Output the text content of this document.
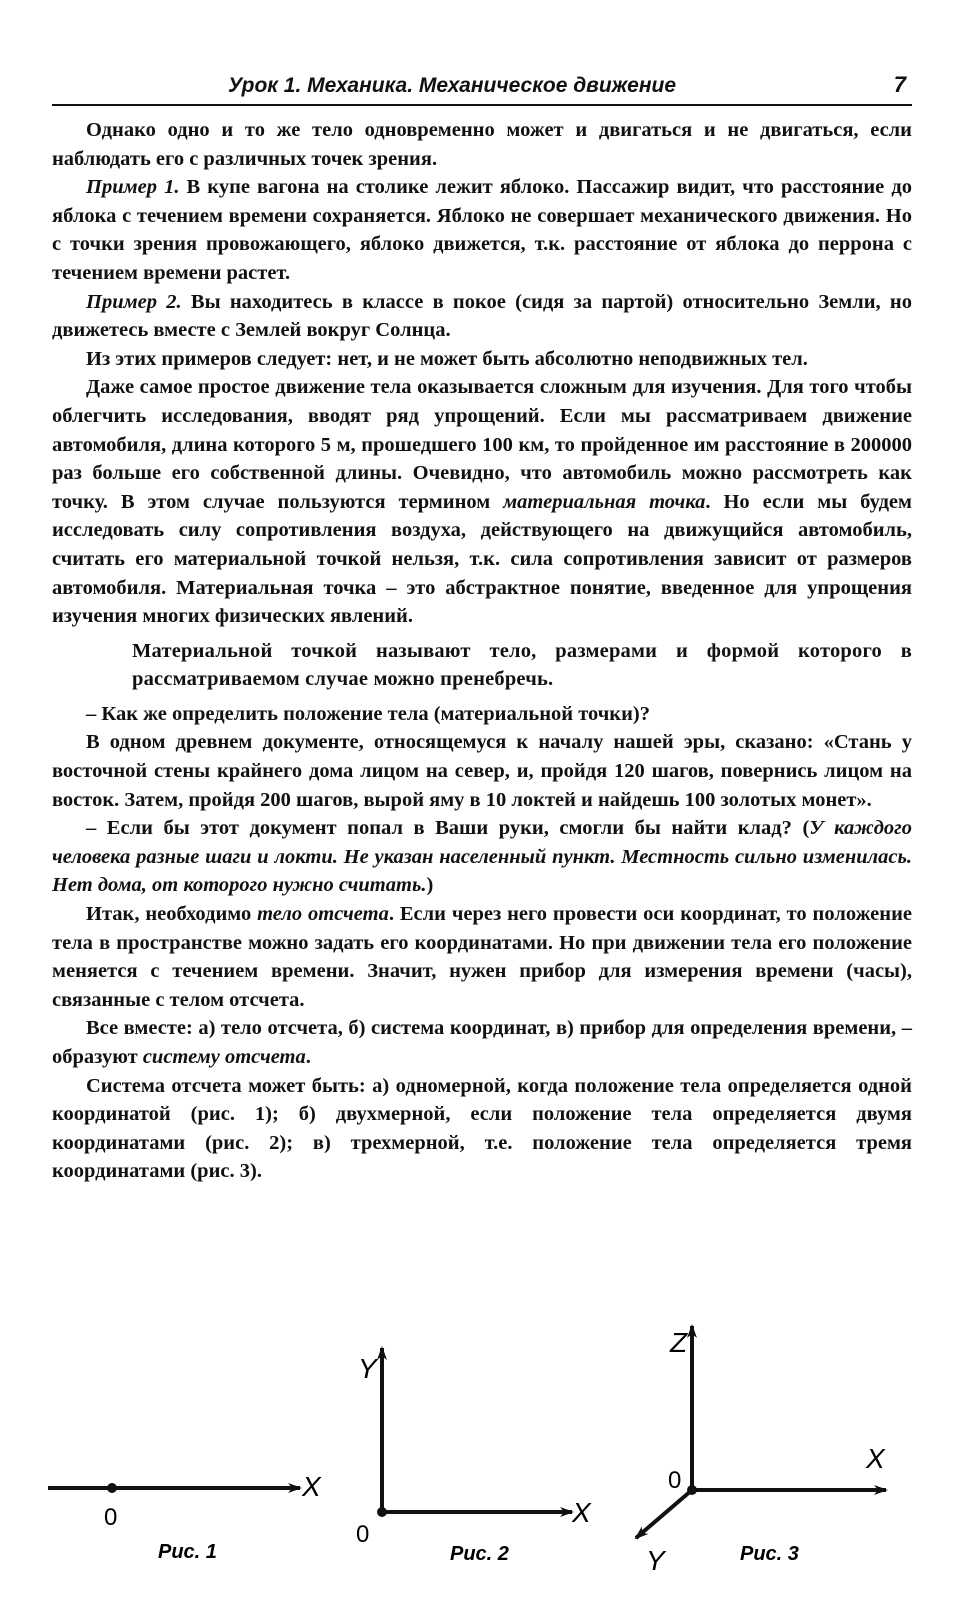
Урок 1. Механика. Механическое движение	7

Однако одно и то же тело одновременно может и двигаться и не двигаться, если наблюдать его с различных точек зрения.

Пример 1. В купе вагона на столике лежит яблоко. Пассажир видит, что расстояние до яблока с течением времени сохраняется. Яблоко не совершает механического движения. Но с точки зрения провожающего, яблоко движется, т.к. расстояние от яблока до перрона с течением времени растет.

Пример 2. Вы находитесь в классе в покое (сидя за партой) относительно Земли, но движетесь вместе с Землей вокруг Солнца.

Из этих примеров следует: нет, и не может быть абсолютно неподвижных тел.

Даже самое простое движение тела оказывается сложным для изучения. Для того чтобы облегчить исследования, вводят ряд упрощений. Если мы рассматриваем движение автомобиля, длина которого 5 м, прошедшего 100 км, то пройденное им расстояние в 200000 раз больше его собственной длины. Очевидно, что автомобиль можно рассмотреть как точку. В этом случае пользуются термином материальная точка. Но если мы будем исследовать силу сопротивления воздуха, действующего на движущийся автомобиль, считать его материальной точкой нельзя, т.к. сила сопротивления зависит от размеров автомобиля. Материальная точка – это абстрактное понятие, введенное для упрощения изучения многих физических явлений.

Материальной точкой называют тело, размерами и формой которого в рассматриваемом случае можно пренебречь.

– Как же определить положение тела (материальной точки)?

В одном древнем документе, относящемуся к началу нашей эры, сказано: «Стань у восточной стены крайнего дома лицом на север, и, пройдя 120 шагов, повернись лицом на восток. Затем, пройдя 200 шагов, вырой яму в 10 локтей и найдешь 100 золотых монет».

– Если бы этот документ попал в Ваши руки, смогли бы найти клад? (У каждого человека разные шаги и локти. Не указан населенный пункт. Местность сильно изменилась. Нет дома, от которого нужно считать.)

Итак, необходимо тело отсчета. Если через него провести оси координат, то положение тела в пространстве можно задать его координатами. Но при движении тела его положение меняется с течением времени. Значит, нужен прибор для измерения времени (часы), связанные с телом отсчета.

Все вместе: а) тело отсчета, б) система координат, в) прибор для определения времени, – образуют систему отсчета.

Система отсчета может быть: а) одномерной, когда положение тела определяется одной координатой (рис. 1); б) двухмерной, если положение тела определяется двумя координатами (рис. 2); в) трехмерной, т.е. положение тела определяется тремя координатами (рис. 3).

X
0
Рис. 1
Y
X
0
Рис. 2
Z
X
Y
0
Рис. 3
